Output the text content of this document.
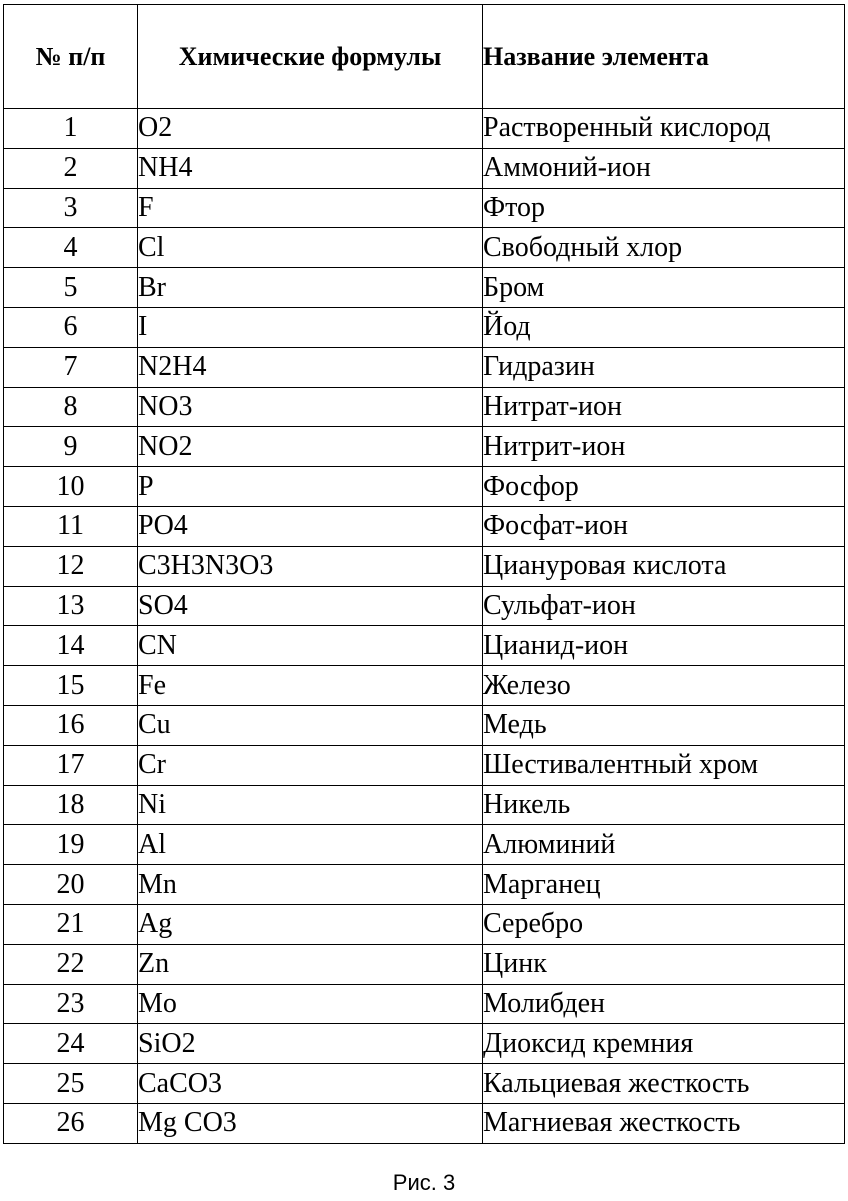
№ п/п	Химические формулы	Название элемента
1	O2	Растворенный кислород
2	NH4	Аммоний-ион
3	F	Фтор
4	Cl	Свободный хлор
5	Br	Бром
6	I	Йод
7	N2H4	Гидразин
8	NO3	Нитрат-ион
9	NO2	Нитрит-ион
10	P	Фосфор
11	PO4	Фосфат-ион
12	C3H3N3O3	Циануровая кислота
13	SO4	Сульфат-ион
14	CN	Цианид-ион
15	Fe	Железо
16	Cu	Медь
17	Cr	Шестивалентный хром
18	Ni	Никель
19	Al	Алюминий
20	Mn	Марганец
21	Ag	Серебро
22	Zn	Цинк
23	Mo	Молибден
24	SiO2	Диоксид кремния
25	CaCO3	Кальциевая жесткость
26	Mg CO3	Магниевая жесткость
Рис. 3
